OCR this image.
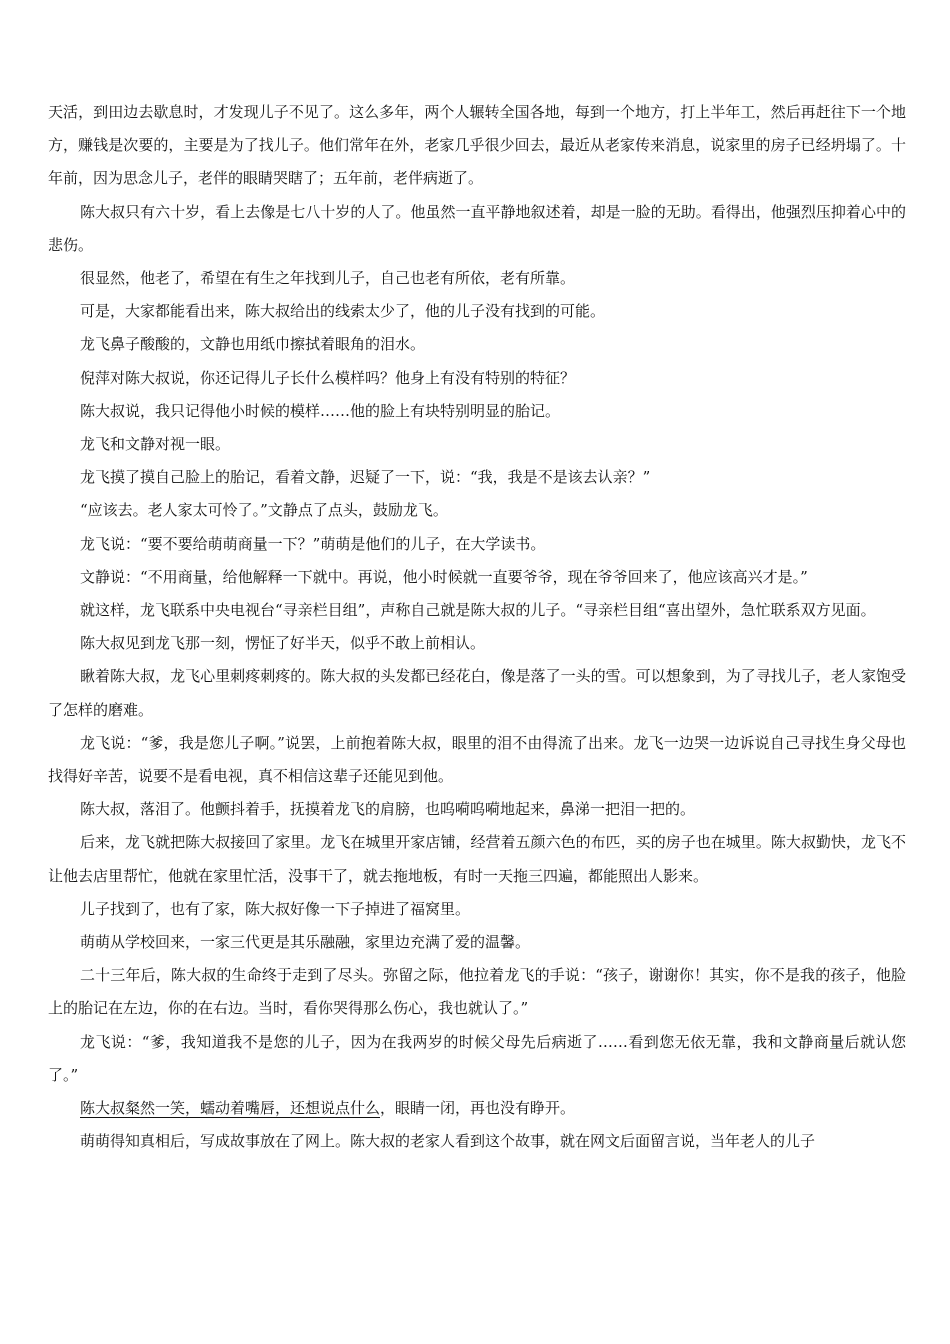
天活，到田边去歇息时，才发现儿子不见了。这么多年，两个人辗转全国各地，每到一个地方，打上半年工，然后再赶往下一个地方，赚钱是次要的，主要是为了找儿子。他们常年在外，老家几乎很少回去，最近从老家传来消息，说家里的房子已经坍塌了。十年前，因为思念儿子，老伴的眼睛哭瞎了；五年前，老伴病逝了。

陈大叔只有六十岁，看上去像是七八十岁的人了。他虽然一直平静地叙述着，却是一脸的无助。看得出，他强烈压抑着心中的悲伤。

很显然，他老了，希望在有生之年找到儿子，自己也老有所依，老有所靠。

可是，大家都能看出来，陈大叔给出的线索太少了，他的儿子没有找到的可能。

龙飞鼻子酸酸的，文静也用纸巾擦拭着眼角的泪水。

倪萍对陈大叔说，你还记得儿子长什么模样吗？他身上有没有特别的特征？

陈大叔说，我只记得他小时候的模样……他的脸上有块特别明显的胎记。

龙飞和文静对视一眼。

龙飞摸了摸自己脸上的胎记，看着文静，迟疑了一下，说：“我，我是不是该去认亲？”

“应该去。老人家太可怜了。”文静点了点头，鼓励龙飞。

龙飞说：“要不要给萌萌商量一下？”萌萌是他们的儿子，在大学读书。

文静说：“不用商量，给他解释一下就中。再说，他小时候就一直要爷爷，现在爷爷回来了，他应该高兴才是。”

就这样，龙飞联系中央电视台“寻亲栏目组”，声称自己就是陈大叔的儿子。“寻亲栏目组“喜出望外，急忙联系双方见面。

陈大叔见到龙飞那一刻，愣怔了好半天，似乎不敢上前相认。

瞅着陈大叔，龙飞心里刺疼刺疼的。陈大叔的头发都已经花白，像是落了一头的雪。可以想象到，为了寻找儿子，老人家饱受了怎样的磨难。

龙飞说：“爹，我是您儿子啊。”说罢，上前抱着陈大叔，眼里的泪不由得流了出来。龙飞一边哭一边诉说自己寻找生身父母也找得好辛苦，说要不是看电视，真不相信这辈子还能见到他。

陈大叔，落泪了。他颤抖着手，抚摸着龙飞的肩膀，也呜嗬呜嗬地起来，鼻涕一把泪一把的。

后来，龙飞就把陈大叔接回了家里。龙飞在城里开家店铺，经营着五颜六色的布匹，买的房子也在城里。陈大叔勤快，龙飞不让他去店里帮忙，他就在家里忙活，没事干了，就去拖地板，有时一天拖三四遍，都能照出人影来。

儿子找到了，也有了家，陈大叔好像一下子掉进了福窝里。

萌萌从学校回来，一家三代更是其乐融融，家里边充满了爱的温馨。

二十三年后，陈大叔的生命终于走到了尽头。弥留之际，他拉着龙飞的手说：“孩子，谢谢你！其实，你不是我的孩子，他脸上的胎记在左边，你的在右边。当时，看你哭得那么伤心，我也就认了。”

龙飞说：“爹，我知道我不是您的儿子，因为在我两岁的时候父母先后病逝了……看到您无依无靠，我和文静商量后就认您了。”

陈大叔粲然一笑，蠕动着嘴唇，还想说点什么，眼睛一闭，再也没有睁开。

萌萌得知真相后，写成故事放在了网上。陈大叔的老家人看到这个故事，就在网文后面留言说，当年老人的儿子
